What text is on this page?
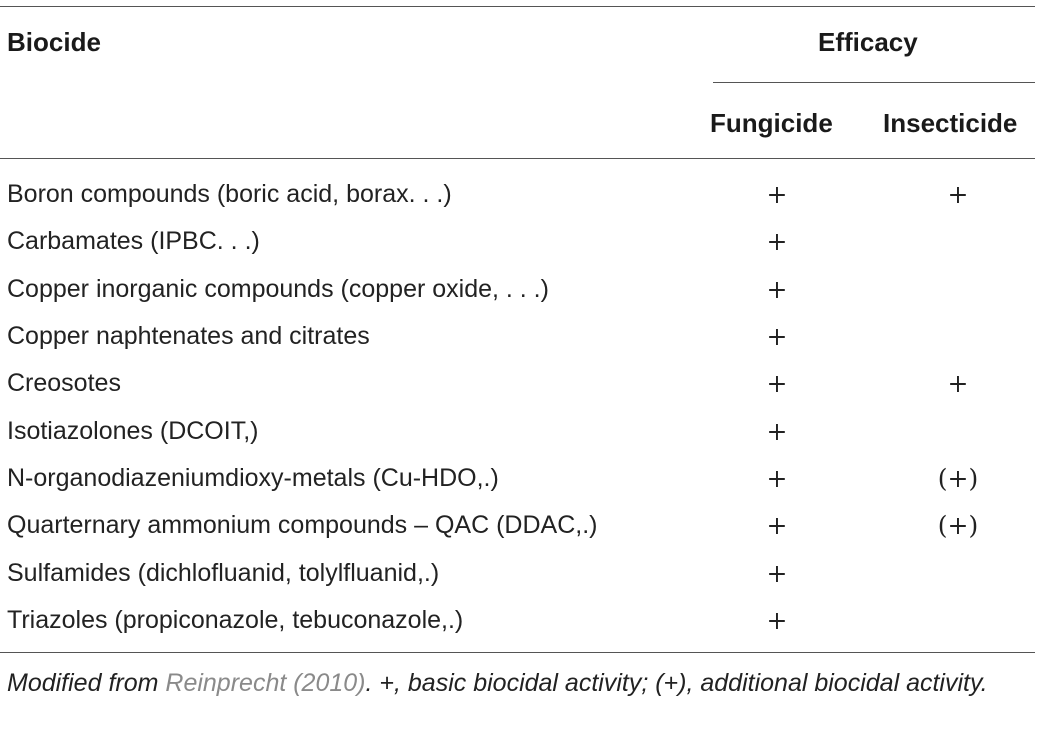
Biocide	Efficacy
Fungicide Insecticide
Boron compounds (boric acid, borax. . .)	+	+
Carbamates (IPBC. . .)	+
Copper inorganic compounds (copper oxide, . . .)	+
Copper naphtenates and citrates	+
Creosotes	+	+
Isotiazolones (DCOIT,)	+
N-organodiazeniumdioxy-metals (Cu-HDO,.)	+	(+)
Quarternary ammonium compounds – QAC (DDAC,.)	+	(+)
Sulfamides (dichlofluanid, tolylfluanid,.)	+
Triazoles (propiconazole, tebuconazole,.)	+
Modified from Reinprecht (2010). +, basic biocidal activity; (+), additional biocidal activity.
